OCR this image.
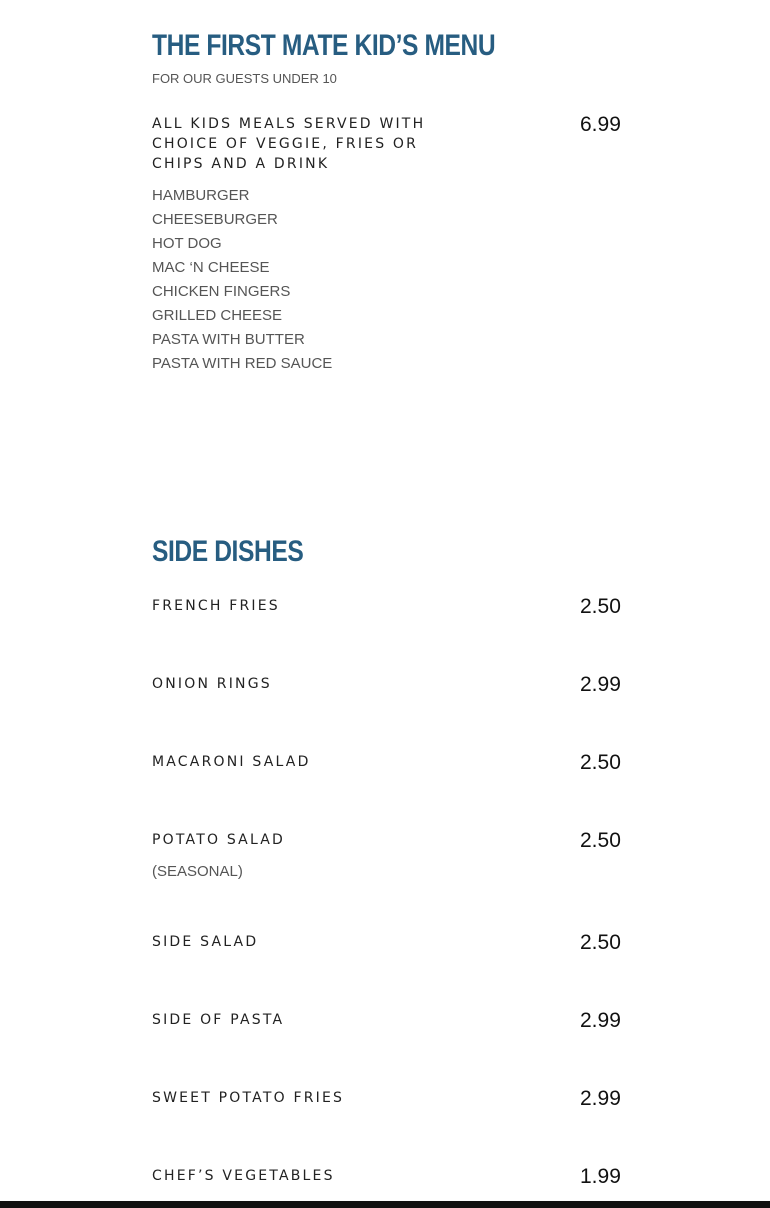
THE FIRST MATE KID’S MENU
FOR OUR GUESTS UNDER 10
ALL KIDS MEALS SERVED WITH CHOICE OF VEGGIE, FRIES OR CHIPS AND A DRINK
6.99
HAMBURGER
CHEESEBURGER
HOT DOG
MAC ‘N CHEESE
CHICKEN FINGERS
GRILLED CHEESE
PASTA WITH BUTTER
PASTA WITH RED SAUCE
SIDE DISHES
FRENCH FRIES	2.50
ONION RINGS	2.99
MACARONI SALAD	2.50
POTATO SALAD	2.50
(SEASONAL)
SIDE SALAD	2.50
SIDE OF PASTA	2.99
SWEET POTATO FRIES	2.99
CHEF’S VEGETABLES	1.99
